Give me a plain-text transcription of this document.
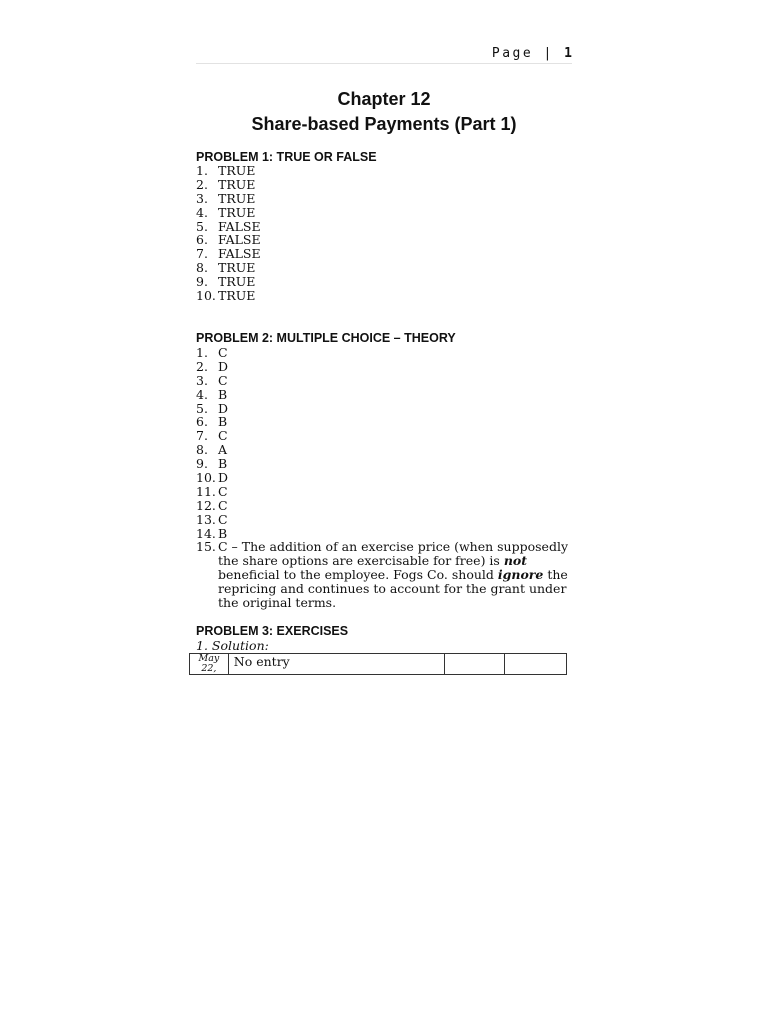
Page | 1
Chapter 12
Share-based Payments (Part 1)
PROBLEM 1: TRUE OR FALSE
1. TRUE
2. TRUE
3. TRUE
4. TRUE
5. FALSE
6. FALSE
7. FALSE
8. TRUE
9. TRUE
10. TRUE
PROBLEM 2: MULTIPLE CHOICE – THEORY
1. C
2. D
3. C
4. B
5. D
6. B
7. C
8. A
9. B
10. D
11. C
12. C
13. C
14. B
15. C – The addition of an exercise price (when supposedly the share options are exercisable for free) is not beneficial to the employee. Fogs Co. should ignore the repricing and continues to account for the grant under the original terms.
PROBLEM 3: EXERCISES
1. Solution:
May
22,	No entry		
